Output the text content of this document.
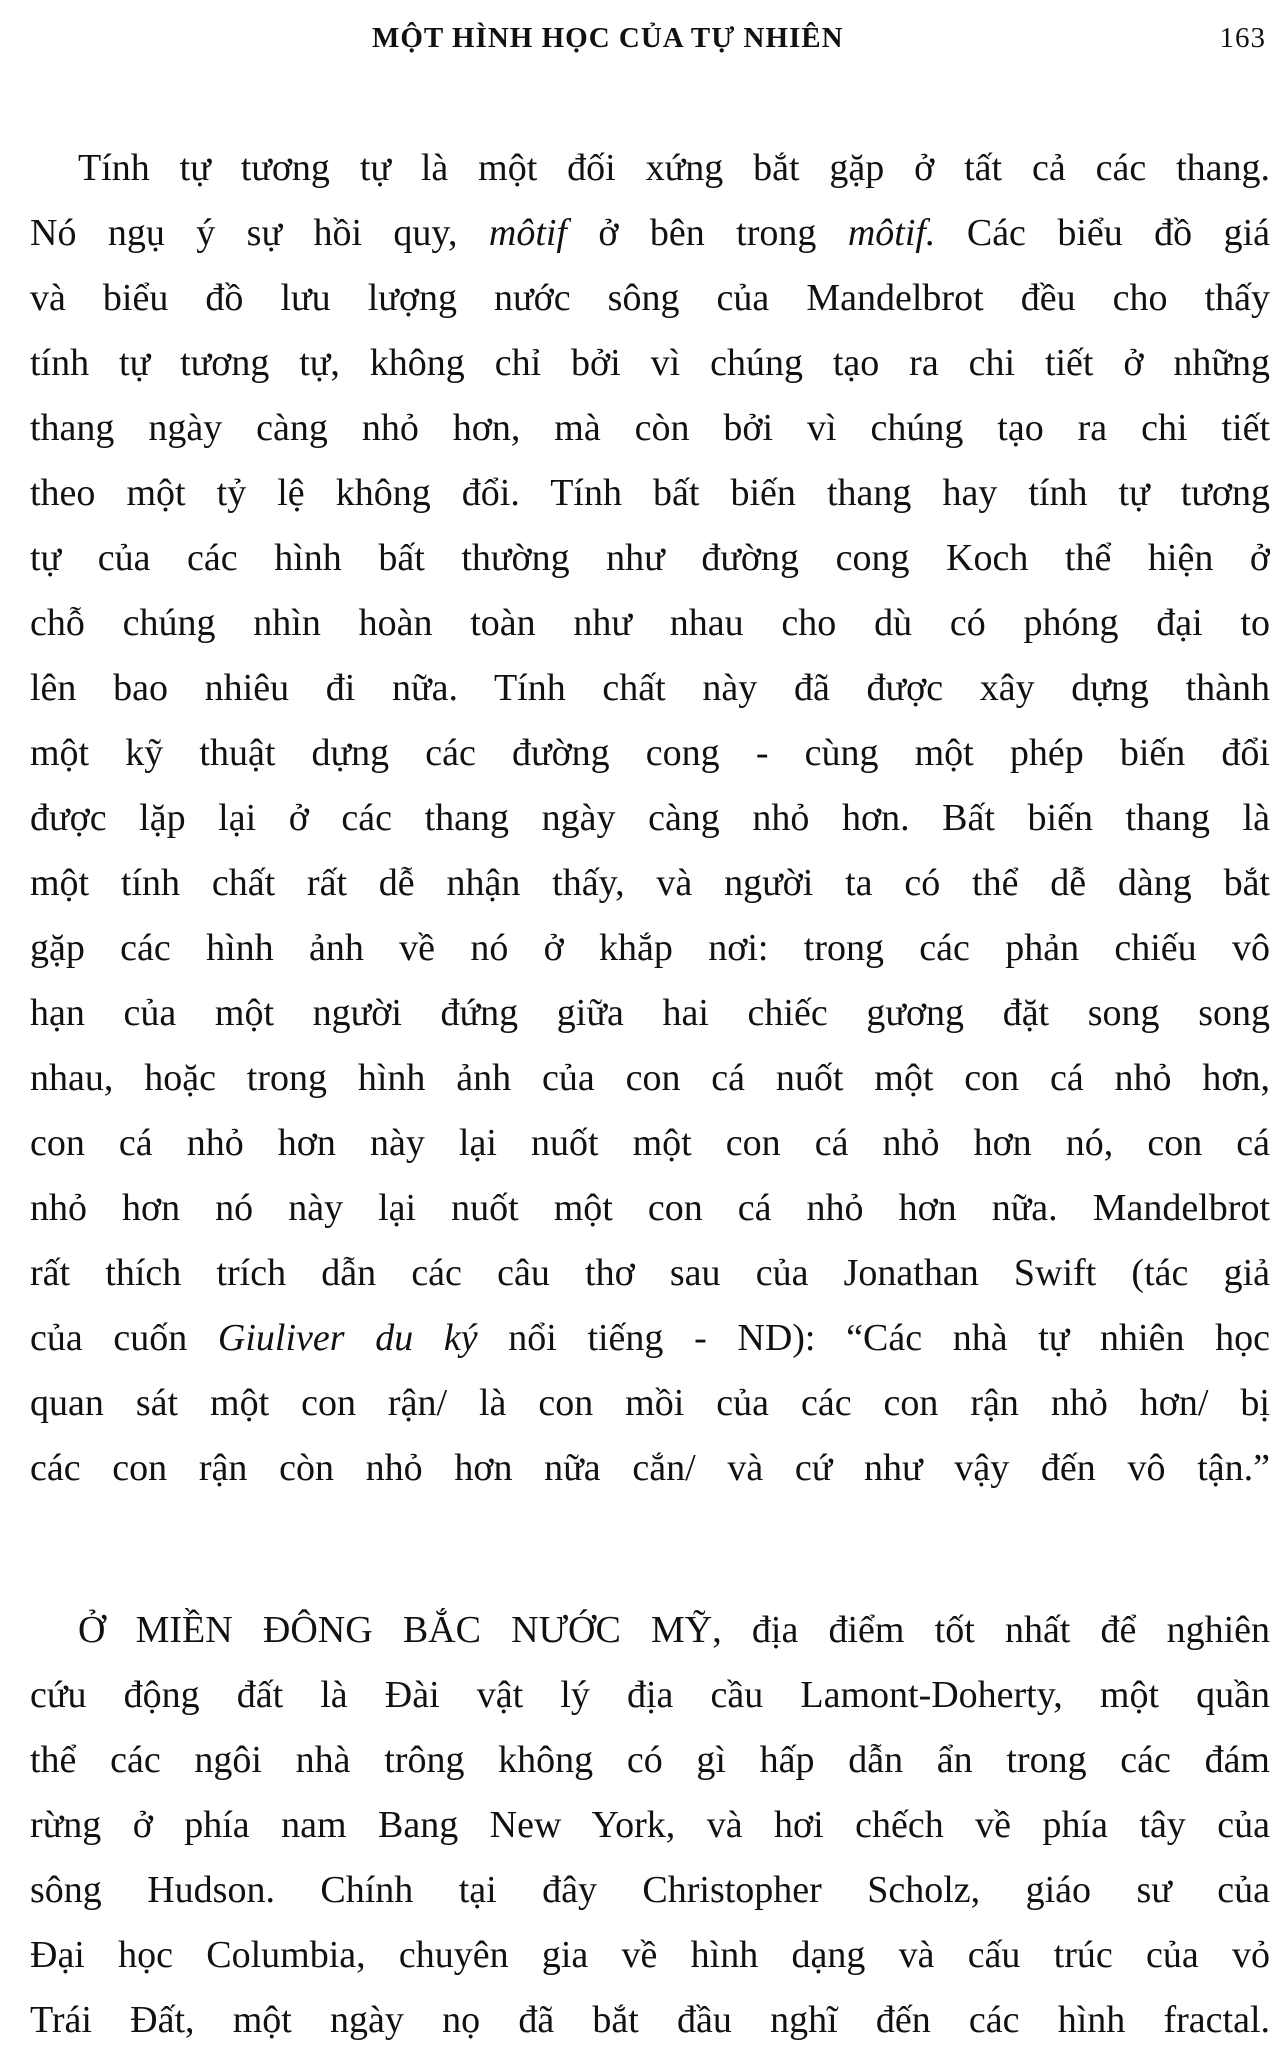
MỘT HÌNH HỌC CỦA TỰ NHIÊN	163
Tính tự tương tự là một đối xứng bắt gặp ở tất cả các thang.
Nó ngụ ý sự hồi quy, môtif ở bên trong môtif. Các biểu đồ giá
và biểu đồ lưu lượng nước sông của Mandelbrot đều cho thấy
tính tự tương tự, không chỉ bởi vì chúng tạo ra chi tiết ở những
thang ngày càng nhỏ hơn, mà còn bởi vì chúng tạo ra chi tiết
theo một tỷ lệ không đổi. Tính bất biến thang hay tính tự tương
tự của các hình bất thường như đường cong Koch thể hiện ở
chỗ chúng nhìn hoàn toàn như nhau cho dù có phóng đại to
lên bao nhiêu đi nữa. Tính chất này đã được xây dựng thành
một kỹ thuật dựng các đường cong - cùng một phép biến đổi
được lặp lại ở các thang ngày càng nhỏ hơn. Bất biến thang là
một tính chất rất dễ nhận thấy, và người ta có thể dễ dàng bắt
gặp các hình ảnh về nó ở khắp nơi: trong các phản chiếu vô
hạn của một người đứng giữa hai chiếc gương đặt song song
nhau, hoặc trong hình ảnh của con cá nuốt một con cá nhỏ hơn,
con cá nhỏ hơn này lại nuốt một con cá nhỏ hơn nó, con cá
nhỏ hơn nó này lại nuốt một con cá nhỏ hơn nữa. Mandelbrot
rất thích trích dẫn các câu thơ sau của Jonathan Swift (tác giả
của cuốn Giuliver du ký nổi tiếng - ND): “Các nhà tự nhiên học
quan sát một con rận/ là con mồi của các con rận nhỏ hơn/ bị
các con rận còn nhỏ hơn nữa cắn/ và cứ như vậy đến vô tận.”
Ở MIỀN ĐÔNG BẮC NƯỚC MỸ, địa điểm tốt nhất để nghiên
cứu động đất là Đài vật lý địa cầu Lamont-Doherty, một quần
thể các ngôi nhà trông không có gì hấp dẫn ẩn trong các đám
rừng ở phía nam Bang New York, và hơi chếch về phía tây của
sông Hudson. Chính tại đây Christopher Scholz, giáo sư của
Đại học Columbia, chuyên gia về hình dạng và cấu trúc của vỏ
Trái Đất, một ngày nọ đã bắt đầu nghĩ đến các hình fractal.
